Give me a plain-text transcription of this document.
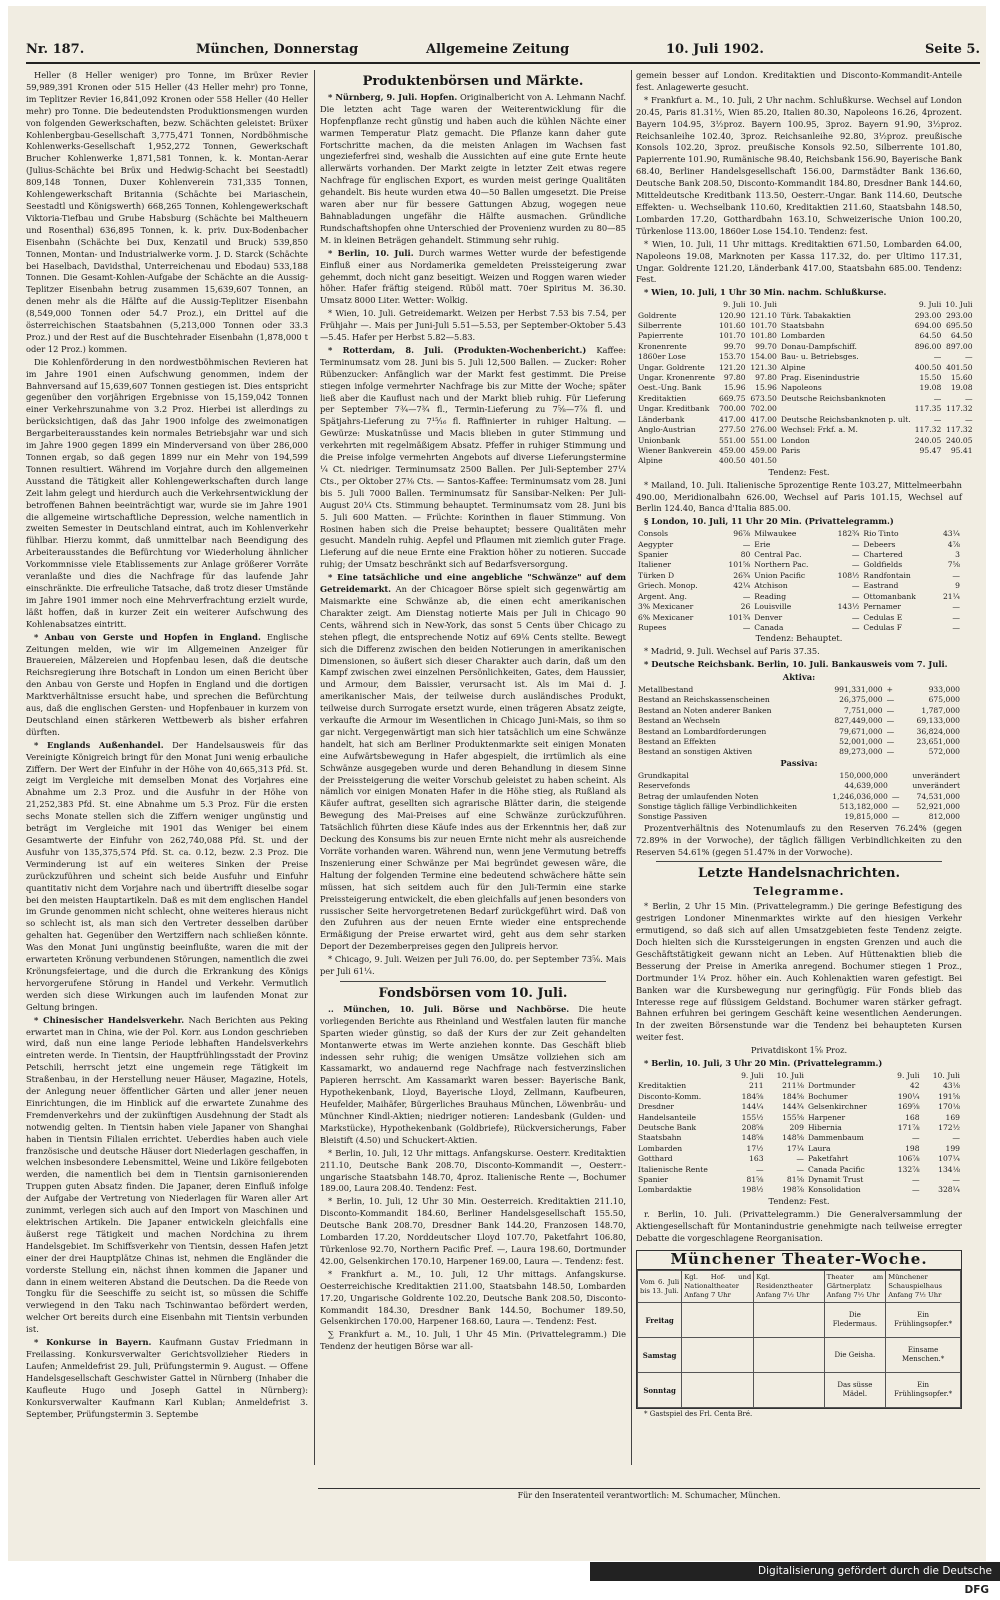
Nr. 187.	München, Donnerstag	Allgemeine Zeitung	10. Juli 1902.	Seite 5.

Heller (8 Heller weniger) pro Tonne, im Brüxer Revier 59,989,391 Kronen oder 515 Heller (43 Heller mehr) pro Tonne, im Teplitzer Revier 16,841,092 Kronen oder 558 Heller (40 Heller mehr) pro Tonne. Die bedeutendsten Produktionsmengen wurden von folgenden Gewerkschaften, bezw. Schächten geleistet: Brüxer Kohlenbergbau-Gesellschaft 3,775,471 Tonnen, Nordböhmische Kohlenwerks-Gesellschaft 1,952,272 Tonnen, Gewerkschaft Brucher Kohlenwerke 1,871,581 Tonnen, k. k. Montan-Aerar (Julius-Schächte bei Brüx und Hedwig-Schacht bei Seestadtl) 809,148 Tonnen, Duxer Kohlenverein 731,335 Tonnen, Kohlengewerkschaft Britannia (Schächte bei Mariaschein, Seestadtl und Königswerth) 668,265 Tonnen, Kohlengewerkschaft Viktoria-Tiefbau und Grube Habsburg (Schächte bei Maltheuern und Rosenthal) 636,895 Tonnen, k. k. priv. Dux-Bodenbacher Eisenbahn (Schächte bei Dux, Kenzatil und Bruck) 539,850 Tonnen, Montan- und Industrialwerke vorm. J. D. Starck (Schächte bei Haselbach, Davidsthal, Unterreichenau und Ebodau) 533,188 Tonnen. Die Gesamt-Kohlen-Aufgabe der Schächte an die Aussig-Teplitzer Eisenbahn betrug zusammen 15,639,607 Tonnen, an denen mehr als die Hälfte auf die Aussig-Teplitzer Eisenbahn (8,549,000 Tonnen oder 54.7 Proz.), ein Drittel auf die österreichischen Staatsbahnen (5,213,000 Tonnen oder 33.3 Proz.) und der Rest auf die Buschtehrader Eisenbahn (1,878,000 t oder 12 Proz.) kommen.

Die Kohlenförderung in den nordwestböhmischen Revieren hat im Jahre 1901 einen Aufschwung genommen, indem der Bahnversand auf 15,639,607 Tonnen gestiegen ist. Dies entspricht gegenüber den vorjährigen Ergebnisse von 15,159,042 Tonnen einer Verkehrszunahme von 3.2 Proz. Hierbei ist allerdings zu berücksichtigen, daß das Jahr 1900 infolge des zweimonatigen Bergarbeiterausstandes kein normales Betriebsjahr war und sich im Jahre 1900 gegen 1899 ein Minderversand von über 286,000 Tonnen ergab, so daß gegen 1899 nur ein Mehr von 194,599 Tonnen resultiert. Während im Vorjahre durch den allgemeinen Ausstand die Tätigkeit aller Kohlengewerkschaften durch lange Zeit lahm gelegt und hierdurch auch die Verkehrsentwicklung der betroffenen Bahnen beeinträchtigt war, wurde sie im Jahre 1901 die allgemeine wirtschaftliche Depression, welche namentlich in zweiten Semester in Deutschland eintrat, auch im Kohlenverkehr fühlbar. Hierzu kommt, daß unmittelbar nach Beendigung des Arbeiterausstandes die Befürchtung vor Wiederholung ähnlicher Vorkommnisse viele Etablissements zur Anlage größerer Vorräte veranlaßte und dies die Nachfrage für das laufende Jahr einschränkte. Die erfreuliche Tatsache, daß trotz dieser Umstände im Jahre 1901 immer noch eine Mehrverfrachtung erzielt wurde, läßt hoffen, daß in kurzer Zeit ein weiterer Aufschwung des Kohlenabsatzes eintritt.

* Anbau von Gerste und Hopfen in England. Englische Zeitungen melden, wie wir im Allgemeinen Anzeiger für Brauereien, Mälzereien und Hopfenbau lesen, daß die deutsche Reichsregierung ihre Botschaft in London um einen Bericht über den Anbau von Gerste und Hopfen in England und die dortigen Marktverhältnisse ersucht habe, und sprechen die Befürchtung aus, daß die englischen Gersten- und Hopfenbauer in kurzem von Deutschland einen stärkeren Wettbewerb als bisher erfahren dürften.

* Englands Außenhandel. Der Handelsausweis für das Vereinigte Königreich bringt für den Monat Juni wenig erbauliche Ziffern. Der Wert der Einfuhr in der Höhe von 40,665,313 Pfd. St. zeigt im Vergleiche mit demselben Monat des Vorjahres eine Abnahme um 2.3 Proz. und die Ausfuhr in der Höhe von 21,252,383 Pfd. St. eine Abnahme um 5.3 Proz. Für die ersten sechs Monate stellen sich die Ziffern weniger ungünstig und beträgt im Vergleiche mit 1901 das Weniger bei einem Gesamtwerte der Einfuhr von 262,740,088 Pfd. St. und der Ausfuhr von 135,375,574 Pfd. St. ca. 0.12, bezw. 2.3 Proz. Die Verminderung ist auf ein weiteres Sinken der Preise zurückzuführen und scheint sich beide Ausfuhr und Einfuhr quantitativ nicht dem Vorjahre nach und übertrifft dieselbe sogar bei den meisten Hauptartikeln. Daß es mit dem englischen Handel im Grunde genommen nicht schlecht, ohne weiteres hieraus nicht so schlecht ist, als man sich den Vertreter desselben darüber gehalten hat. Gegenüber den Wertziffern nach schließen könnte. Was den Monat Juni ungünstig beeinflußte, waren die mit der erwarteten Krönung verbundenen Störungen, namentlich die zwei Krönungsfeiertage, und die durch die Erkrankung des Königs hervorgerufene Störung in Handel und Verkehr. Vermutlich werden sich diese Wirkungen auch im laufenden Monat zur Geltung bringen.

* Chinesischer Handelsverkehr. Nach Berichten aus Peking erwartet man in China, wie der Pol. Korr. aus London geschrieben wird, daß nun eine lange Periode lebhaften Handelsverkehrs eintreten werde. In Tientsin, der Hauptfrühlingsstadt der Provinz Petschili, herrscht jetzt eine ungemein rege Tätigkeit im Straßenbau, in der Herstellung neuer Häuser, Magazine, Hotels, der Anlegung neuer öffentlicher Gärten und aller jener neuen Einrichtungen, die im Hinblick auf die erwartete Zunahme des Fremdenverkehrs und der zukünftigen Ausdehnung der Stadt als notwendig gelten. In Tientsin haben viele Japaner von Shanghai haben in Tientsin Filialen errichtet. Ueberdies haben auch viele französische und deutsche Häuser dort Niederlagen geschaffen, in welchen insbesondere Lebensmittel, Weine und Liköre feilgeboten werden, die namentlich bei dem in Tientsin garnisonierenden Truppen guten Absatz finden. Die Japaner, deren Einfluß infolge der Aufgabe der Vertretung von Niederlagen für Waren aller Art zunimmt, verlegen sich auch auf den Import von Maschinen und elektrischen Artikeln. Die Japaner entwickeln gleichfalls eine äußerst rege Tätigkeit und machen Nordchina zu ihrem Handelsgebiet. Im Schiffsverkehr von Tientsin, dessen Hafen jetzt einer der drei Hauptplätze Chinas ist, nehmen die Engländer die vorderste Stellung ein, nächst ihnen kommen die Japaner und dann in einem weiteren Abstand die Deutschen. Da die Reede von Tongku für die Seeschiffe zu seicht ist, so müssen die Schiffe verwiegend in den Taku nach Tschinwantao befördert werden, welcher Ort bereits durch eine Eisenbahn mit Tientsin verbunden ist.

* Konkurse in Bayern. Kaufmann Gustav Friedmann in Freilassing. Konkursverwalter Gerichtsvollzieher Rieders in Laufen; Anmeldefrist 29. Juli, Prüfungstermin 9. August. — Offene Handelsgesellschaft Geschwister Gattel in Nürnberg (Inhaber die Kaufleute Hugo und Joseph Gattel in Nürnberg): Konkursverwalter Kaufmann Karl Kublan; Anmeldefrist 3. September, Prüfungstermin 3. Septembe

Produktenbörsen und Märkte.

* Nürnberg, 9. Juli. Hopfen. Originalbericht von A. Lehmann Nachf. Die letzten acht Tage waren der Weiterentwicklung für die Hopfenpflanze recht günstig und haben auch die kühlen Nächte einer warmen Temperatur Platz gemacht. Die Pflanze kann daher gute Fortschritte machen, da die meisten Anlagen im Wachsen fast ungezieferfrei sind, weshalb die Aussichten auf eine gute Ernte heute allerwärts vorhanden. Der Markt zeigte in letzter Zeit etwas regere Nachfrage für englischen Export, es wurden meist geringe Qualitäten gehandelt. Bis heute wurden etwa 40—50 Ballen umgesetzt. Die Preise waren aber nur für bessere Gattungen Abzug, wogegen neue Bahnabladungen ungefähr die Hälfte ausmachen. Gründliche Rundschaftshopfen ohne Unterschied der Provenienz wurden zu 80—85 M. in kleinen Beträgen gehandelt. Stimmung sehr ruhig.

* Berlin, 10. Juli. Durch warmes Wetter wurde der befestigende Einfluß einer aus Nordamerika gemeldeten Preissteigerung zwar gehemmt, doch nicht ganz beseitigt. Weizen und Roggen waren wieder höher. Hafer fräftig steigend. Rüböl matt. 70er Spiritus M. 36.30. Umsatz 8000 Liter. Wetter: Wolkig.

* Wien, 10. Juli. Getreidemarkt. Weizen per Herbst 7.53 bis 7.54, per Frühjahr —. Mais per Juni-Juli 5.51—5.53, per September-Oktober 5.43—5.45. Hafer per Herbst 5.82—5.83.

* Rotterdam, 8. Juli. (Produkten-Wochenbericht.) Kaffee: Terminumsatz vom 28. Juni bis 5. Juli 12,500 Ballen. — Zucker: Roher Rübenzucker: Anfänglich war der Markt fest gestimmt. Die Preise stiegen infolge vermehrter Nachfrage bis zur Mitte der Woche; später ließ aber die Kauflust nach und der Markt blieb ruhig. Für Lieferung per September 7¾—7¾ fl., Termin-Lieferung zu 7⅝—7⅞ fl. und Spätjahrs-Lieferung zu 7¹⁵⁄₁₆ fl. Raffinierter in ruhiger Haltung. — Gewürze: Muskatnüsse und Macis blieben in guter Stimmung und verkehrten mit regelmäßigem Absatz. Pfeffer in ruhiger Stimmung und die Preise infolge vermehrten Angebots auf diverse Lieferungstermine ¼ Ct. niedriger. Terminumsatz 2500 Ballen. Per Juli-September 27¼ Cts., per Oktober 27⅜ Cts. — Santos-Kaffee: Terminumsatz vom 28. Juni bis 5. Juli 7000 Ballen. Terminumsatz für Sansibar-Nelken: Per Juli-August 20¼ Cts. Stimmung behauptet. Terminumsatz vom 28. Juni bis 5. Juli 600 Matten. — Früchte: Korinthen in flauer Stimmung. Von Rosinen haben sich die Preise behauptet; bessere Qualitäten mehr gesucht. Mandeln ruhig. Aepfel und Pflaumen mit ziemlich guter Frage. Lieferung auf die neue Ernte eine Fraktion höher zu notieren. Succade ruhig; der Umsatz beschränkt sich auf Bedarfsversorgung.

* Eine tatsächliche und eine angebliche "Schwänze" auf dem Getreidemarkt. An der Chicagoer Börse spielt sich gegenwärtig am Maismarkte eine Schwänze ab, die einen echt amerikanischen Charakter zeigt. Am Dienstag notierte Mais per Juli in Chicago 90 Cents, während sich in New-York, das sonst 5 Cents über Chicago zu stehen pflegt, die entsprechende Notiz auf 69⅛ Cents stellte. Bewegt sich die Differenz zwischen den beiden Notierungen in amerikanischen Dimensionen, so äußert sich dieser Charakter auch darin, daß um den Kampf zwischen zwei einzelnen Persönlichkeiten, Gates, dem Haussier, und Armour, dem Baissier, verursacht ist. Als im Mai d. J. amerikanischer Mais, der teilweise durch ausländisches Produkt, teilweise durch Surrogate ersetzt wurde, einen trägeren Absatz zeigte, verkaufte die Armour im Wesentlichen in Chicago Juni-Mais, so ihm so gar nicht. Vergegenwärtigt man sich hier tatsächlich um eine Schwänze handelt, hat sich am Berliner Produktenmarkte seit einigen Monaten eine Aufwärtsbewegung in Hafer abgespielt, die irrtümlich als eine Schwänze ausgegeben wurde und deren Behandlung in diesem Sinne der Preissteigerung die weiter Vorschub geleistet zu haben scheint. Als nämlich vor einigen Monaten Hafer in die Höhe stieg, als Rußland als Käufer auftrat, gesellten sich agrarische Blätter darin, die steigende Bewegung des Mai-Preises auf eine Schwänze zurückzuführen. Tatsächlich führten diese Käufe indes aus der Erkenntnis her, daß zur Deckung des Konsums bis zur neuen Ernte nicht mehr als ausreichende Vorräte vorhanden waren. Während nun, wenn jene Vermutung betreffs Inszenierung einer Schwänze per Mai begründet gewesen wäre, die Haltung der folgenden Termine eine bedeutend schwächere hätte sein müssen, hat sich seitdem auch für den Juli-Termin eine starke Preissteigerung entwickelt, die eben gleichfalls auf jenen besonders von russischer Seite hervorgetretenen Bedarf zurückgeführt wird. Daß von den Zufuhren aus der neuen Ernte wieder eine entsprechende Ermäßigung der Preise erwartet wird, geht aus dem sehr starken Deport der Dezemberpreises gegen den Julipreis hervor.

* Chicago, 9. Juli. Weizen per Juli 76.00, do. per September 73⅝. Mais per Juli 61¼.

Fondsbörsen vom 10. Juli.

.. München, 10. Juli. Börse und Nachbörse. Die heute vorliegenden Berichte aus Rheinland und Westfalen lauten für manche Sparten wieder günstig, so daß der Kurs der zur Zeit gehandelten Montanwerte etwas im Werte anziehen konnte. Das Geschäft blieb indessen sehr ruhig; die wenigen Umsätze vollziehen sich am Kassamarkt, wo andauernd rege Nachfrage nach festverzinslichen Papieren herrscht. Am Kassamarkt waren besser: Bayerische Bank, Hypothekenbank, Lloyd, Bayerische Lloyd, Zellmann, Kaufbeuren, Heufelder, Maihäfer, Bürgerliches Brauhaus München, Löwenbräu- und Münchner Kindl-Aktien; niedriger notieren: Landesbank (Gulden- und Markstücke), Hypothekenbank (Goldbriefe), Rückversicherungs, Faber Bleistift (4.50) und Schuckert-Aktien.

* Berlin, 10. Juli, 12 Uhr mittags. Anfangskurse. Oesterr. Kreditaktien 211.10, Deutsche Bank 208.70, Disconto-Kommandit —, Oesterr.-ungarische Staatsbahn 148.70, 4proz. Italienische Rente —, Bochumer 189.00, Laura 208.40. Tendenz: Fest.

* Berlin, 10. Juli, 12 Uhr 30 Min. Oesterreich. Kreditaktien 211.10, Disconto-Kommandit 184.60, Berliner Handelsgesellschaft 155.50, Deutsche Bank 208.70, Dresdner Bank 144.20, Franzosen 148.70, Lombarden 17.20, Norddeutscher Lloyd 107.70, Paketfahrt 106.80, Türkenlose 92.70, Northern Pacific Pref. —, Laura 198.60, Dortmunder 42.00, Gelsenkirchen 170.10, Harpener 169.00, Laura —. Tendenz: fest.

* Frankfurt a. M., 10. Juli, 12 Uhr mittags. Anfangskurse. Oesterreichische Kreditaktien 211.00, Staatsbahn 148.50, Lombarden 17.20, Ungarische Goldrente 102.20, Deutsche Bank 208.50, Disconto-Kommandit 184.30, Dresdner Bank 144.50, Bochumer 189.50, Gelsenkirchen 170.00, Harpener 168.60, Laura —. Tendenz: Fest.

∑ Frankfurt a. M., 10. Juli, 1 Uhr 45 Min. (Privattelegramm.) Die Tendenz der heutigen Börse war all-

gemein besser auf London. Kreditaktien und Disconto-Kommandit-Anteile fest. Anlagewerte gesucht.

* Frankfurt a. M., 10. Juli, 2 Uhr nachm. Schlußkurse. Wechsel auf London 20.45, Paris 81.31½, Wien 85.20, Italien 80.30, Napoleons 16.26, 4prozent. Bayern 104.95, 3½proz. Bayern 100.95, 3proz. Bayern 91.90, 3½proz. Reichsanleihe 102.40, 3proz. Reichsanleihe 92.80, 3½proz. preußische Konsols 102.20, 3proz. preußische Konsols 92.50, Silberrente 101.80, Papierrente 101.90, Rumänische 98.40, Reichsbank 156.90, Bayerische Bank 68.40, Berliner Handelsgesellschaft 156.00, Darmstädter Bank 136.60, Deutsche Bank 208.50, Disconto-Kommandit 184.80, Dresdner Bank 144.60, Mitteldeutsche Kreditbank 113.50, Oesterr.-Ungar. Bank 114.60, Deutsche Effekten- u. Wechselbank 110.60, Kreditaktien 211.60, Staatsbahn 148.50, Lombarden 17.20, Gotthardbahn 163.10, Schweizerische Union 100.20, Türkenlose 113.00, 1860er Lose 154.10. Tendenz: fest.

* Wien, 10. Juli, 11 Uhr mittags. Kreditaktien 671.50, Lombarden 64.00, Napoleons 19.08, Marknoten per Kassa 117.32, do. per Ultimo 117.31, Ungar. Goldrente 121.20, Länderbank 417.00, Staatsbahn 685.00. Tendenz: Fest.

* Wien, 10. Juli, 1 Uhr 30 Min. nachm. Schlußkurse.

	9. Juli	10. Juli		9. Juli	10. Juli
Goldrente	120.90	121.10	Türk. Tabakaktien	293.00	293.00
Silberrente	101.60	101.70	Staatsbahn	694.00	695.50
Papierrente	101.70	101.80	Lombarden	64.50	64.50
Kronenrente	99.70	99.70	Donau-Dampfschiff.	896.00	897.00
1860er Lose	153.70	154.00	Bau- u. Betriebsges.	—	—
Ungar. Goldrente	121.20	121.30	Alpine	400.50	401.50
Ungar. Kronenrente	97.80	97.80	Prag. Eisenindustrie	15.50	15.60
Oest.-Ung. Bank	15.96	15.96	Napoleons	19.08	19.08
Kreditaktien	669.75	673.50	Deutsche Reichsbanknoten	—	—
Ungar. Kreditbank	700.00	702.00		117.35	117.32
Länderbank	417.00	417.00	Deutsche Reichsbanknoten p. ult.	—	—
Anglo-Austrian	277.50	276.00	Wechsel: Frkf. a. M.	117.32	117.32
Unionbank	551.00	551.00	London	240.05	240.05
Wiener Bankverein	459.00	459.00	Paris	95.47	95.41
Alpine	400.50	401.50			

Tendenz: Fest.

* Mailand, 10. Juli. Italienische 5prozentige Rente 103.27, Mittelmeerbahn 490.00, Meridionalbahn 626.00, Wechsel auf Paris 101.15, Wechsel auf Berlin 124.40, Banca d'Italia 885.00.

§ London, 10. Juli, 11 Uhr 20 Min. (Privattelegramm.)

Consols	96⅞	Milwaukee	182¾	Rio Tinto	43¼
Aegypter	—	Erie	—	Debeers	4⅞
Spanier	80	Central Pac.	—	Chartered	3
Italiener	101⅝	Northern Pac.	—	Goldfields	7⅝
Türken D	26¾	Union Pacific	108½	Randfontain	—
Griech. Monop.	42¼	Atchison	—	Eastrand	9
Argent. Ang.	—	Reading	—	Ottomanbank	21¼
3% Mexicaner	26	Louisville	143½	Pernamer	—
6% Mexicaner	101¾	Denver	—	Cedulas E	—
Rupees	—	Canada	—	Cedulas F	—

Tendenz: Behauptet.

* Madrid, 9. Juli. Wechsel auf Paris 37.35.

* Deutsche Reichsbank. Berlin, 10. Juli. Bankausweis vom 7. Juli.

Aktiva:

Metallbestand	991,331,000	+	933,000
Bestand an Reichskassenscheinen	26,375,000	—	675,000
Bestand an Noten anderer Banken	7,751,000	—	1,787,000
Bestand an Wechseln	827,449,000	—	69,133,000
Bestand an Lombardforderungen	79,671,000	—	36,824,000
Bestand an Effekten	52,001,000	—	23,651,000
Bestand an sonstigen Aktiven	89,273,000	—	572,000

Passiva:

Grundkapital	150,000,000		unverändert
Reservefonds	44,639,000		unverändert
Betrag der umlaufenden Noten	1,246,036,000	—	74,531,000
Sonstige täglich fällige Verbindlichkeiten	513,182,000	—	52,921,000
Sonstige Passiven	19,815,000	—	812,000

Prozentverhältnis des Notenumlaufs zu den Reserven 76.24% (gegen 72.89% in der Vorwoche), der täglich fälligen Verbindlichkeiten zu den Reserven 54.61% (gegen 51.47% in der Vorwoche).

Letzte Handelsnachrichten.
Telegramme.

* Berlin, 2 Uhr 15 Min. (Privattelegramm.) Die geringe Befestigung des gestrigen Londoner Minenmarktes wirkte auf den hiesigen Verkehr ermutigend, so daß sich auf allen Umsatzgebieten feste Tendenz zeigte. Doch hielten sich die Kurssteigerungen in engsten Grenzen und auch die Geschäftstätigkeit gewann nicht an Leben. Auf Hüttenaktien blieb die Besserung der Preise in Amerika anregend. Bochumer stiegen 1 Proz., Dortmunder 1¼ Proz. höher ein. Auch Kohlenaktien waren gefestigt. Bei Banken war die Kursbewegung nur geringfügig. Für Fonds blieb das Interesse rege auf flüssigem Geldstand. Bochumer waren stärker gefragt. Bahnen erfuhren bei geringem Geschäft keine wesentlichen Aenderungen. In der zweiten Börsenstunde war die Tendenz bei behaupteten Kursen weiter fest.

Privatdiskont 1⅝ Proz.

* Berlin, 10. Juli, 3 Uhr 20 Min. (Privattelegramm.)

	9. Juli	10. Juli		9. Juli	10. Juli
Kreditaktien	211	211⅛	Dortmunder	42	43⅛
Disconto-Komm.	184⅝	184⅝	Bochumer	190¼	191⅝
Dresdner	144¼	144¾	Gelsenkirchner	169⅝	170⅛
Handelsanteile	155½	155⅝	Harpener	168	169
Deutsche Bank	208⅝	209	Hibernia	171⅞	172½
Staatsbahn	148⅝	148⅝	Dammenbaum	—	—
Lombarden	17½	17¼	Laura	198	199
Gotthard	163	—	Paketfahrt	106⅞	107¼
Italienische Rente	—	—	Canada Pacific	132⅞	134⅛
Spanier	81⅝	81⅝	Dynamit Trust	—	—
Lombardaktie	198½	198⅞	Konsolidation	—	328¼

Tendenz: Fest.

r. Berlin, 10. Juli. (Privattelegramm.) Die Generalversammlung der Aktiengesellschaft für Montanindustrie genehmigte nach teilweise erregter Debatte die vorgeschlagene Reorganisation.

Münchener Theater-Woche.
Vom 6. Juli bis 13. Juli.	Kgl. Hof- und Nationaltheater Anfang 7 Uhr	Kgl. Residenztheater Anfang 7½ Uhr	Theater am Gärtnerplatz Anfang 7½ Uhr	Münchener Schauspielhaus Anfang 7½ Uhr
Freitag			Die Fledermaus.	Ein Frühlingsopfer.*
Samstag			Die Geisha.	Einsame Menschen.*
Sonntag			Das süsse Mädel.	Ein Frühlingsopfer.*

* Gastspiel des Frl. Centa Bré.

Für den Inseratenteil verantwortlich: M. Schumacher, München.
Digitalisierung gefördert durch die Deutsche Forschungsgemeinschaft DFG
